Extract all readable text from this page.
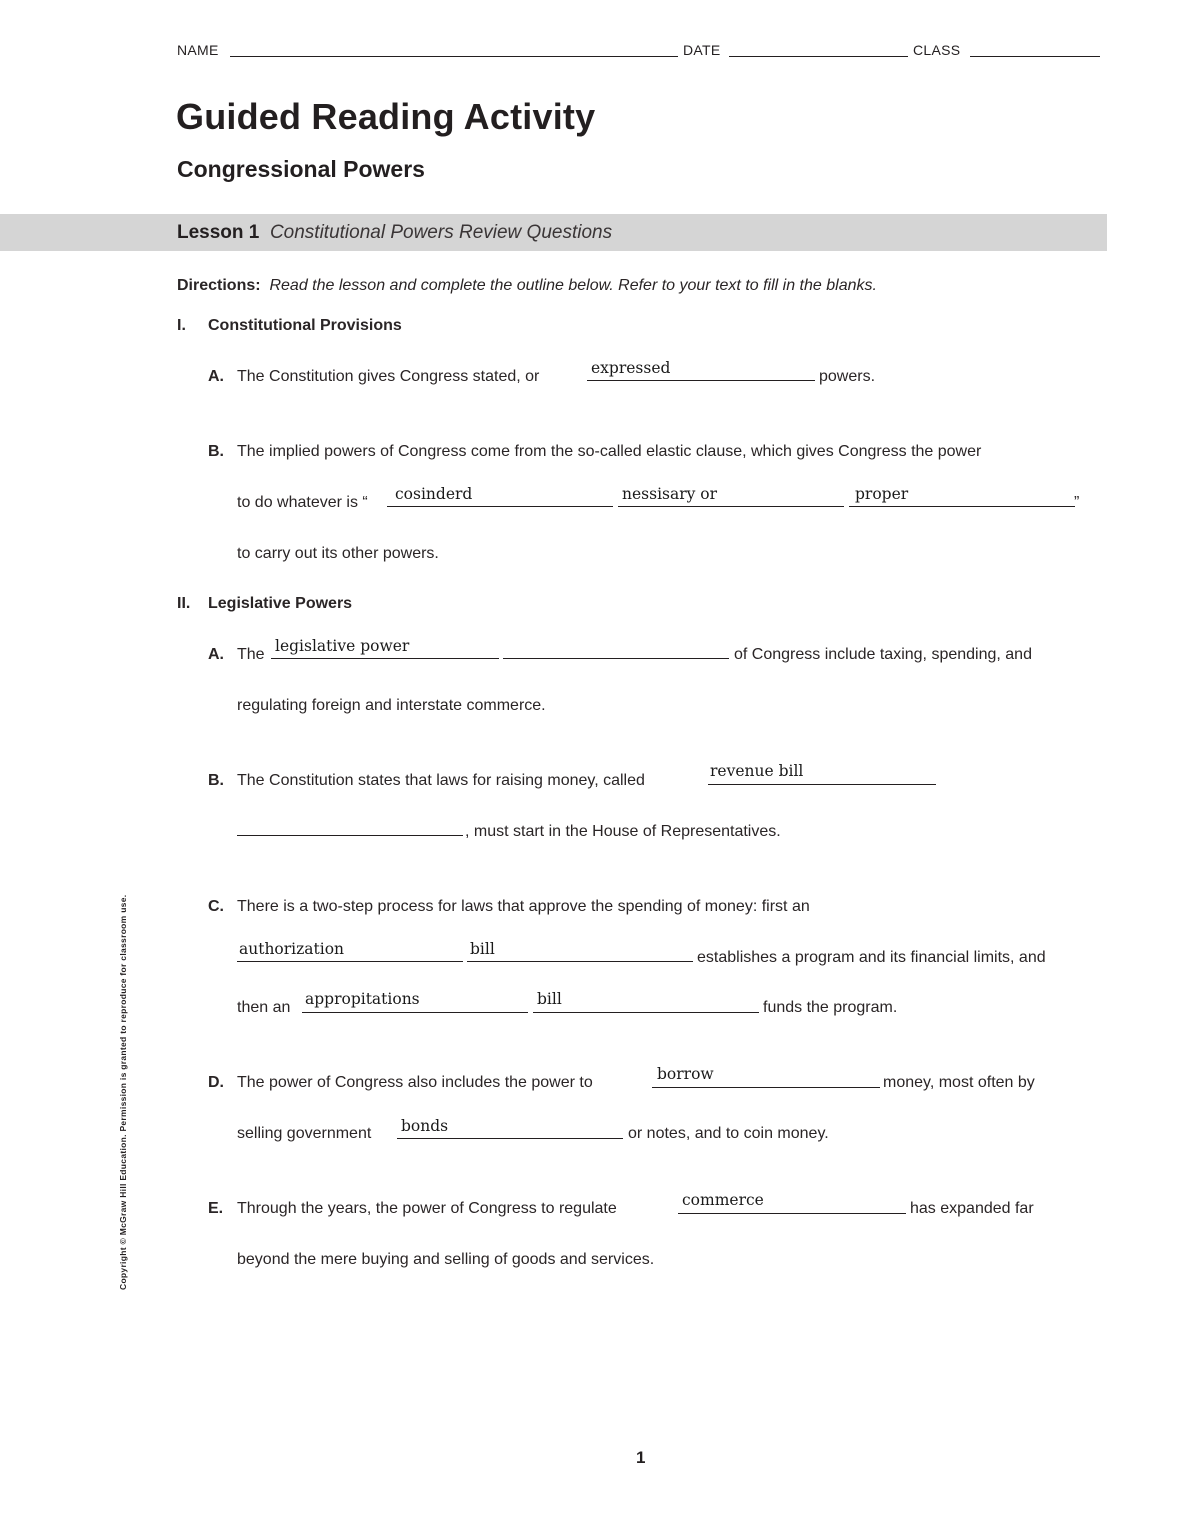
NAME	DATE	CLASS
Guided Reading Activity
Congressional Powers
Lesson 1 Constitutional Powers Review Questions
Directions: Read the lesson and complete the outline below. Refer to your text to fill in the blanks.
I. Constitutional Provisions
A. The Constitution gives Congress stated, or	expressed	powers.
B. The implied powers of Congress come from the so-called elastic clause, which gives Congress the power
to do whatever is “ cosinderd	nessisary or	proper	”
to carry out its other powers.
II. Legislative Powers
A. The legislative power	of Congress include taxing, spending, and
regulating foreign and interstate commerce.
B. The Constitution states that laws for raising money, called
revenue bill
, must start in the House of Representatives.
C. There is a two-step process for laws that approve the spending of money: first an
authorization	bill	establishes a program and its financial limits, and
then an appropitations	bill	funds the program.
D. The power of Congress also includes the power to	borrow	money, most often by
selling government bonds	or notes, and to coin money.
E. Through the years, the power of Congress to regulate	commerce	has expanded far
beyond the mere buying and selling of goods and services.
Copyright © McGraw Hill Education. Permission is granted to reproduce for classroom use.
1
